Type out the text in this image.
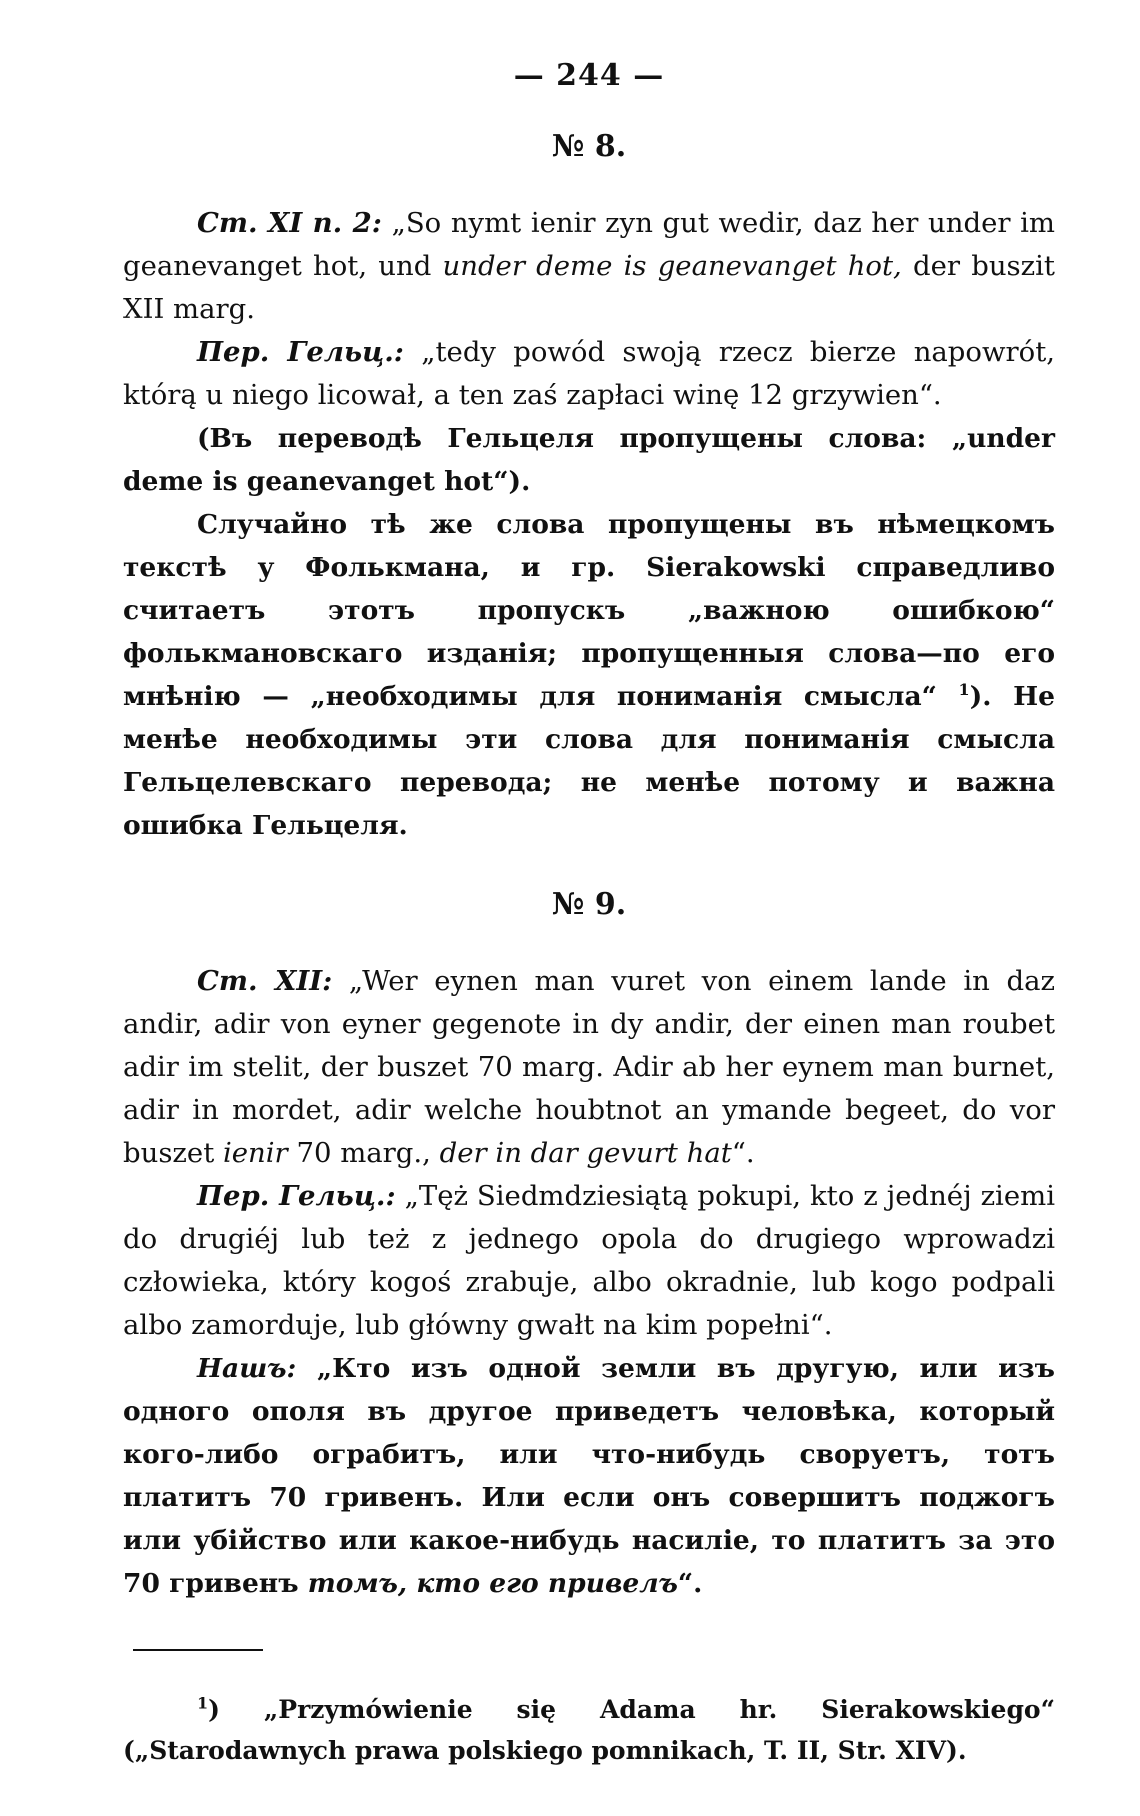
— 244 —
№ 8.

Ст. XI п. 2: „So nymt ienir zyn gut wedir, daz her under im geanevanget hot, und under deme is geanevanget hot, der buszit XII marg.

Пер. Гельц.: „tedy powód swoją rzecz bierze napowrót, którą u niego licował, a ten zaś zapłaci winę 12 grzywien“.

(Въ переводѣ Гельцеля пропущены слова: „under deme is geanevanget hot“).

Случайно тѣ же слова пропущены въ нѣмецкомъ текстѣ у Фолькмана, и гр. Sierakowski справедливо считаетъ этотъ пропускъ „важною ошибкою“ фолькмановскаго изданія; пропущенныя слова—по его мнѣнію — „необходимы для пониманія смысла“ $^1$). Не менѣе необходимы эти слова для пониманія смысла Гельцелевскаго перевода; не менѣе потому и важна ошибка Гельцеля.

№ 9.

Ст. XII: „Wer eynen man vuret von einem lande in daz andir, adir von eyner gegenote in dy andir, der einen man roubet adir im stelit, der buszet 70 marg. Adir ab her eynem man burnet, adir in mordet, adir welche houbtnot an ymande begeet, do vor buszet ienir 70 marg., der in dar gevurt hat“.

Пер. Гельц.: „Tęż Siedmdziesiątą pokupi, kto z jednéj ziemi do drugiéj lub też z jednego opola do drugiego wprowadzi człowieka, który kogoś zrabuje, albo okradnie, lub kogo podpali albo zamorduje, lub główny gwałt na kim popełni“.

Нашъ: „Кто изъ одной земли въ другую, или изъ одного ополя въ другое приведетъ человѣка, который кого-либо ограбитъ, или что-нибудь своруетъ, тотъ платитъ 70 гривенъ. Или если онъ совершитъ поджогъ или убійство или какое-нибудь насиліе, то платитъ за это 70 гривенъ томъ, кто его привелъ“.

$^1$) „Przymówienie się Adama hr. Sierakowskiego“ („Starodawnych prawa polskiego pomnikach, T. II, Str. XIV).
